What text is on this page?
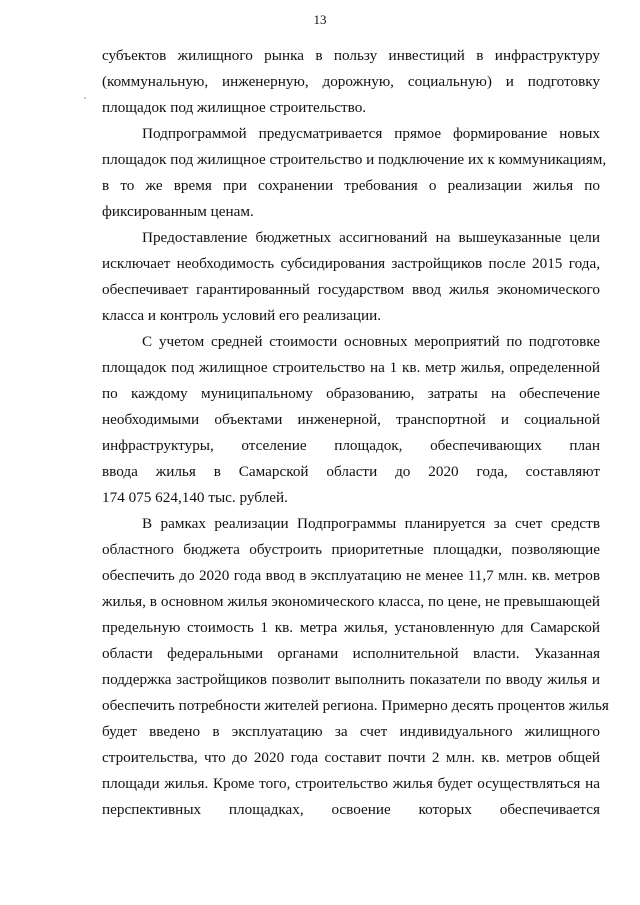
13

субъектов жилищного рынка в пользу инвестиций в инфраструктуру
(коммунальную, инженерную, дорожную, социальную) и подготовку
площадок под жилищное строительство.

Подпрограммой предусматривается прямое формирование новых
площадок под жилищное строительство и подключение их к коммуникациям,
в то же время при сохранении требования о реализации жилья по
фиксированным ценам.

Предоставление бюджетных ассигнований на вышеуказанные цели
исключает необходимость субсидирования застройщиков после 2015 года,
обеспечивает гарантированный государством ввод жилья экономического
класса и контроль условий его реализации.

С учетом средней стоимости основных мероприятий по подготовке
площадок под жилищное строительство на 1 кв. метр жилья, определенной
по каждому муниципальному образованию, затраты на обеспечение
необходимыми объектами инженерной, транспортной и социальной
инфраструктуры, отселение площадок, обеспечивающих план
ввода жилья в Самарской области до 2020 года, составляют
174 075 624,140 тыс. рублей.

В рамках реализации Подпрограммы планируется за счет средств
областного бюджета обустроить приоритетные площадки, позволяющие
обеспечить до 2020 года ввод в эксплуатацию не менее 11,7 млн. кв. метров
жилья, в основном жилья экономического класса, по цене, не превышающей
предельную стоимость 1 кв. метра жилья, установленную для Самарской
области федеральными органами исполнительной власти. Указанная
поддержка застройщиков позволит выполнить показатели по вводу жилья и
обеспечить потребности жителей региона. Примерно десять процентов жилья
будет введено в эксплуатацию за счет индивидуального жилищного
строительства, что до 2020 года составит почти 2 млн. кв. метров общей
площади жилья. Кроме того, строительство жилья будет осуществляться на
перспективных площадках, освоение которых обеспечивается
